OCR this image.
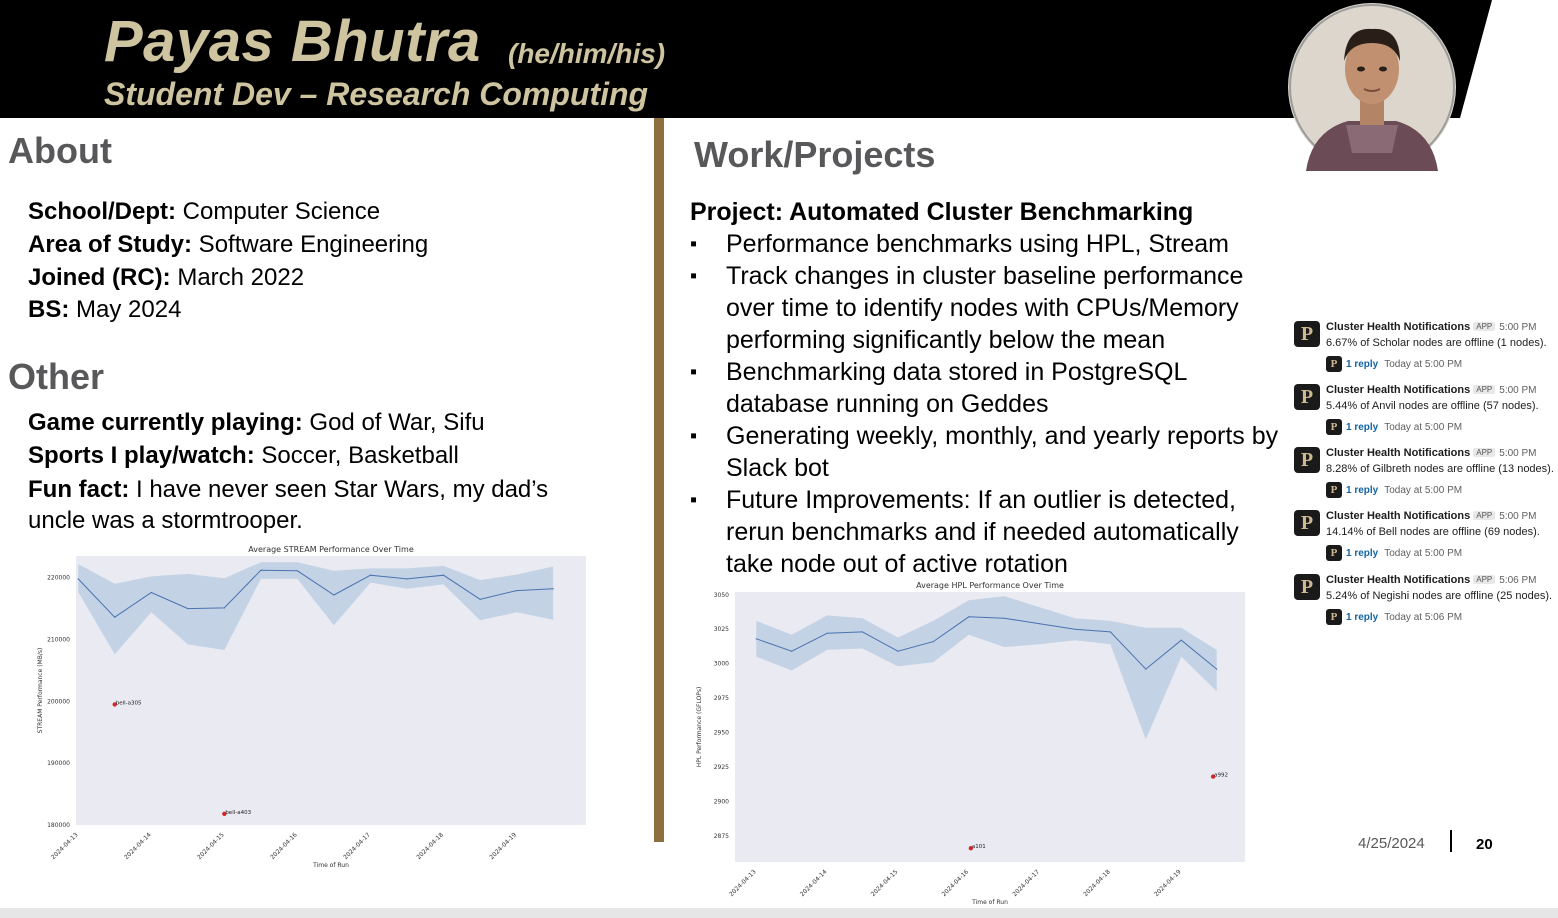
Payas Bhutra (he/him/his)
Student Dev – Research Computing
About
School/Dept: Computer Science
Area of Study: Software Engineering
Joined (RC): March 2022
BS: May 2024
Other
Game currently playing: God of War, Sifu
Sports I play/watch: Soccer, Basketball
Fun fact: I have never seen Star Wars, my dad’s
uncle was a stormtrooper.
Average STREAM Performance Over Time
180000
190000
200000
210000
220000
2024-04-13	2024-04-14	2024-04-15	2024-04-16	2024-04-17	2024-04-18	2024-04-19
STREAM Performance (MB/s)
Time of Run
bell-a305
bell-a403
Work/Projects
Project: Automated Cluster Benchmarking
▪ Performance benchmarks using HPL, Stream
▪ Track changes in cluster baseline performance over time to identify nodes with CPUs/Memory performing significantly below the mean
▪ Benchmarking data stored in PostgreSQL database running on Geddes
▪ Generating weekly, monthly, and yearly reports by Slack bot
▪ Future Improvements: If an outlier is detected, rerun benchmarks and if needed automatically take node out of active rotation
Average HPL Performance Over Time
2875
2900
2925
2950
2975
3000
3025
3050
2024-04-13	2024-04-14	2024-04-15	2024-04-16	2024-04-17	2024-04-18	2024-04-19
HPL Performance (GFLOPs)
Time of Run
a101
a992
P	Cluster Health Notifications APP 5:00 PM
6.67% of Scholar nodes are offline (1 nodes).
P 1 reply Today at 5:00 PM
P	Cluster Health Notifications APP 5:00 PM
5.44% of Anvil nodes are offline (57 nodes).
P 1 reply Today at 5:00 PM
P	Cluster Health Notifications APP 5:00 PM
8.28% of Gilbreth nodes are offline (13 nodes).
P 1 reply Today at 5:00 PM
P	Cluster Health Notifications APP 5:00 PM
14.14% of Bell nodes are offline (69 nodes).
P 1 reply Today at 5:00 PM
P	Cluster Health Notifications APP 5:06 PM
5.24% of Negishi nodes are offline (25 nodes).
P 1 reply Today at 5:06 PM
4/25/2024	20
